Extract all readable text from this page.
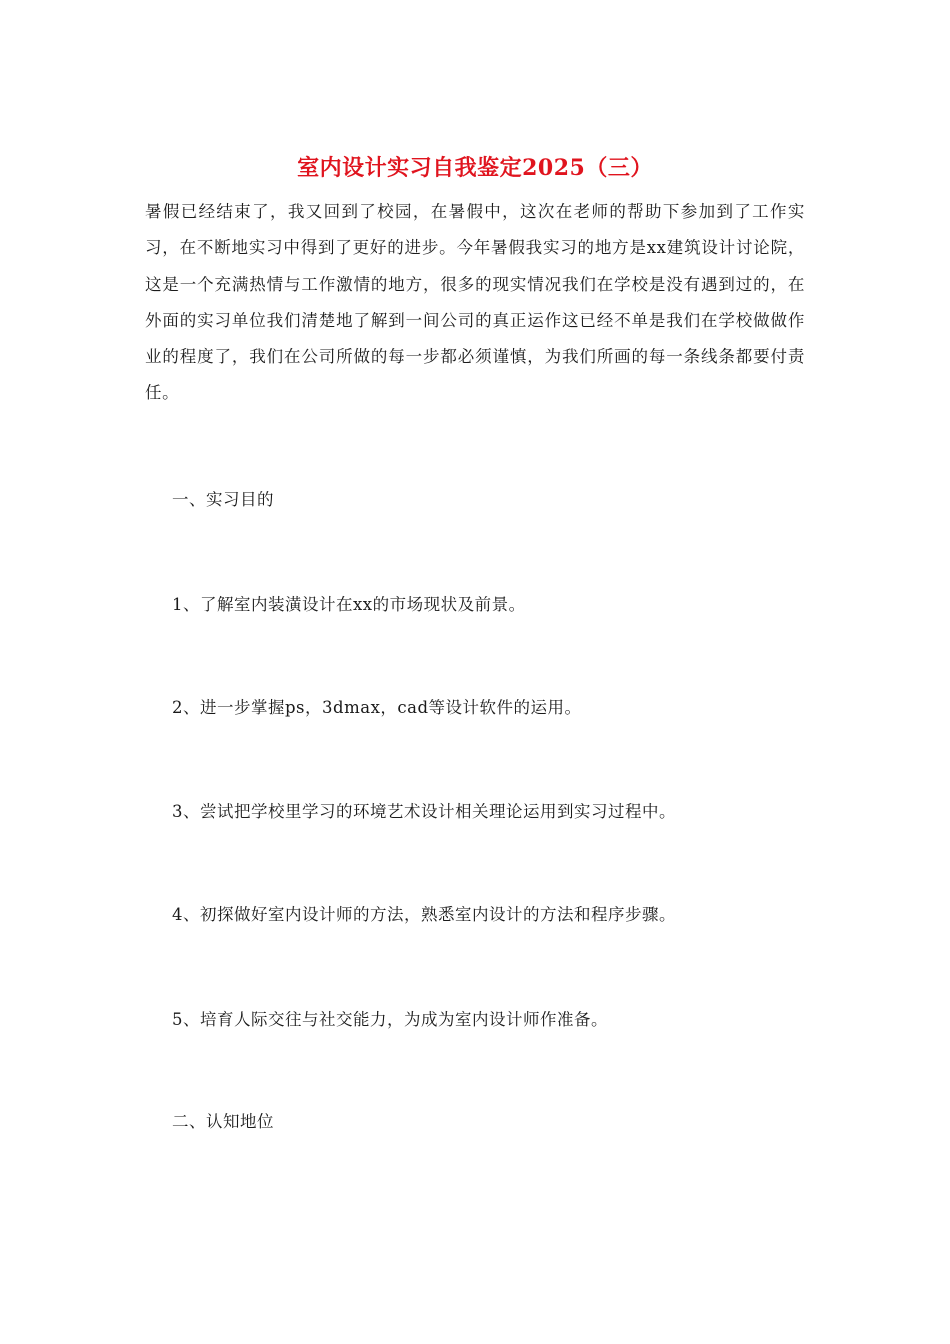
室内设计实习自我鉴定2025（三）

暑假已经结束了，我又回到了校园，在暑假中，这次在老师的帮助下参加到了工作实习，在不断地实习中得到了更好的进步。今年暑假我实习的地方是xx建筑设计讨论院，这是一个充满热情与工作激情的地方，很多的现实情况我们在学校是没有遇到过的，在外面的实习单位我们清楚地了解到一间公司的真正运作这已经不单是我们在学校做做作业的程度了，我们在公司所做的每一步都必须谨慎，为我们所画的每一条线条都要付责任。

一、实习目的

1、了解室内装潢设计在xx的市场现状及前景。

2、进一步掌握ps，3dmax，cad等设计软件的运用。

3、尝试把学校里学习的环境艺术设计相关理论运用到实习过程中。

4、初探做好室内设计师的方法，熟悉室内设计的方法和程序步骤。

5、培育人际交往与社交能力，为成为室内设计师作准备。

二、认知地位
